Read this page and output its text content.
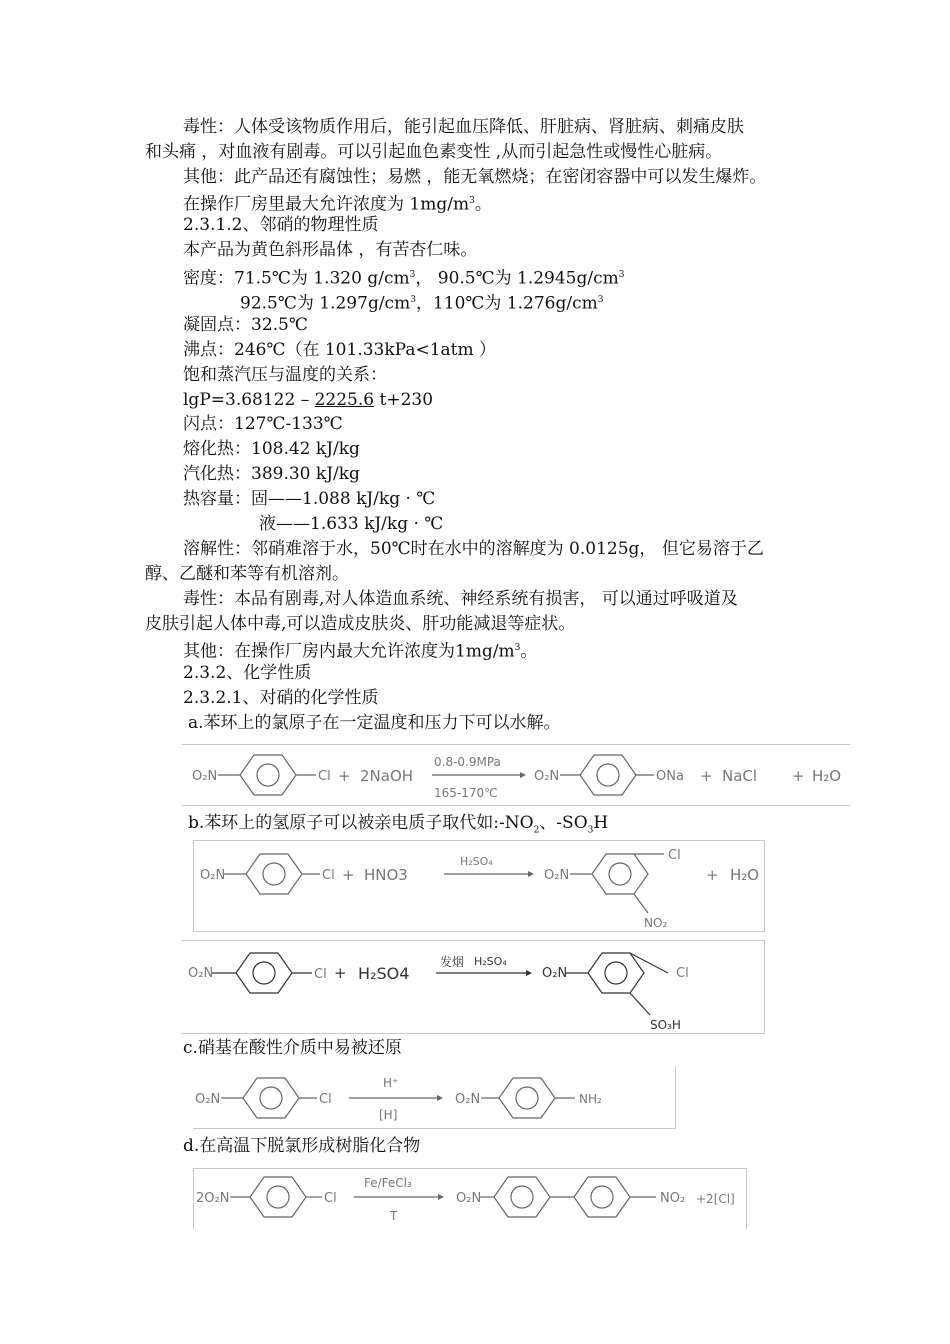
毒性：人体受该物质作用后，能引起血压降低、肝脏病、肾脏病、刺痛皮肤
和头痛 ，对血液有剧毒。可以引起血色素变性 ,从而引起急性或慢性心脏病。
其他：此产品还有腐蚀性；易燃 ，能无氧燃烧；在密闭容器中可以发生爆炸。
在操作厂房里最大允许浓度为 $1mg/m^3$。
2.3.1.2、邻硝的物理性质
本产品为黄色斜形晶体 ，有苦杏仁味。
密度：71.5℃为 1.320 $g/cm^3$， 90.5℃为 $1.2945g/cm^3$
92.5℃为 $1.297g/cm^3$，110℃为 $1.276g/cm^3$
凝固点：32.5℃
沸点：246℃（在 101.33kPa<1atm ）
饱和蒸汽压与温度的关系：
lgP=3.68122 – 2225.6 t+230
闪点：127℃-133℃
熔化热：108.42 kJ/kg
汽化热：389.30 kJ/kg
热容量：固——1.088 kJ/kg · ℃
液——1.633 kJ/kg · ℃
溶解性：邻硝难溶于水，50℃时在水中的溶解度为 0.0125g， 但它易溶于乙
醇、乙醚和苯等有机溶剂。
毒性：本品有剧毒,对人体造血系统、神经系统有损害， 可以通过呼吸道及
皮肤引起人体中毒,可以造成皮肤炎、肝功能减退等症状。
其他：在操作厂房内最大允许浓度为$1mg/m^3$。
2.3.2、化学性质
2.3.2.1、对硝的化学性质
a.苯环上的氯原子在一定温度和压力下可以水解。
O₂N	Cl + 2NaOH
0.8-0.9MPa
165-170℃
O₂N	ONa + NaCl + H₂O
b.苯环上的氢原子可以被亲电质子取代如$:-NO_2$、$-SO_3H$
O₂N	Cl + HNO3
H₂SO₄
O₂N
Cl
NO₂
+ H₂O
O₂N	Cl + H₂SO4
发烟 H₂SO₄
O₂N	Cl
SO₃H
c.硝基在酸性介质中易被还原
O₂N	Cl
H⁺
[H]
O₂N	NH₂
d.在高温下脱氯形成树脂化合物
2O₂N	Cl
Fe/FeCl₃
T
O₂N	NO₂ +2[Cl]
